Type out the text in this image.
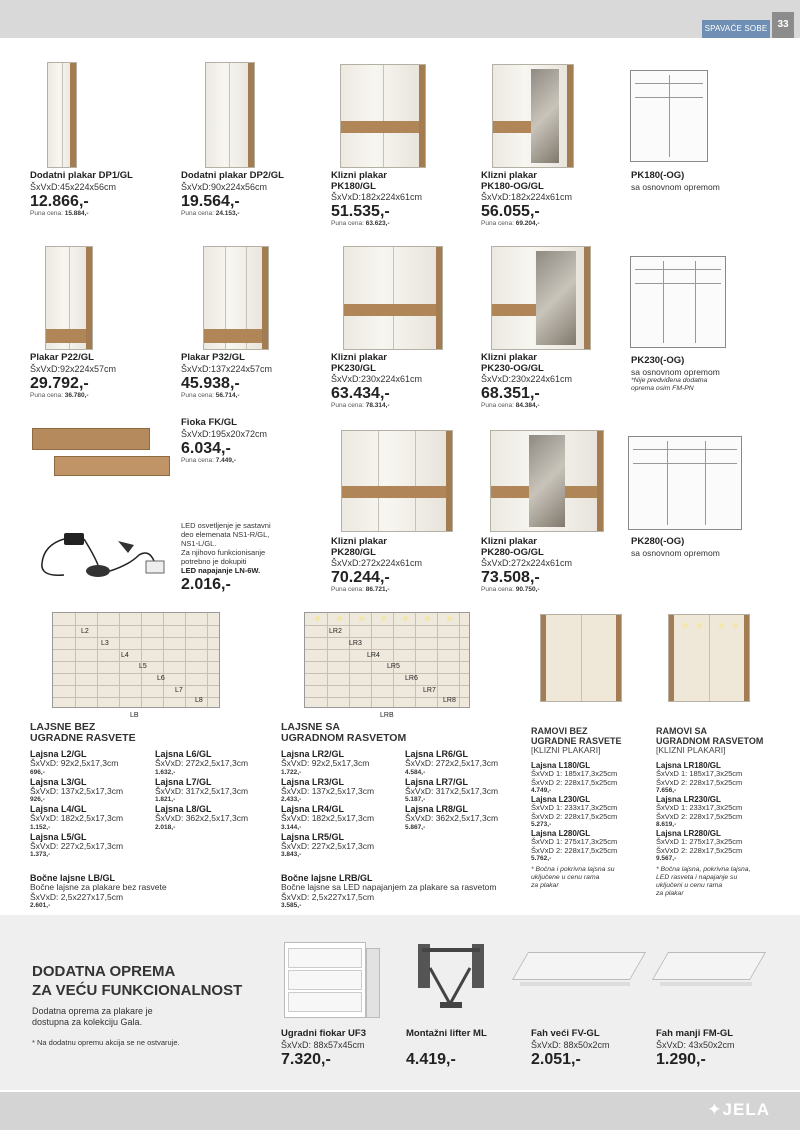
SPAVAĆE SOBE	33
Dodatni plakar DP1/GL
ŠxVxD:45x224x56cm
12.866,-
Puna cena: 15.884,-
Dodatni plakar DP2/GL
ŠxVxD:90x224x56cm
19.564,-
Puna cena: 24.153,-
Klizni plakar
PK180/GL
ŠxVxD:182x224x61cm
51.535,-
Puna cena: 63.623,-
Klizni plakar
PK180-OG/GL
ŠxVxD:182x224x61cm
56.055,-
Puna cena: 69.204,-
PK180(-OG)
sa osnovnom opremom
Plakar P22/GL
ŠxVxD:92x224x57cm
29.792,-
Puna cena: 36.780,-
Plakar P32/GL
ŠxVxD:137x224x57cm
45.938,-
Puna cena: 56.714,-
Klizni plakar
PK230/GL
ŠxVxD:230x224x61cm
63.434,-
Puna cena: 78.314,-
Klizni plakar
PK230-OG/GL
ŠxVxD:230x224x61cm
68.351,-
Puna cena: 84.384,-
PK230(-OG)
sa osnovnom opremom
*Nije predviđena dodatna
oprema osim FM-PN
Fioka FK/GL
ŠxVxD:195x20x72cm
6.034,-
Puna cena: 7.449,-
LED osvetljenje je sastavni
deo elemenata NS1-R/GL,
NS1-L/GL.
Za njihovo funkcionisanje
potrebno je dokupiti
LED napajanje LN-6W.
2.016,-
Klizni plakar
PK280/GL
ŠxVxD:272x224x61cm
70.244,-
Puna cena: 86.721,-
Klizni plakar
PK280-OG/GL
ŠxVxD:272x224x61cm
73.508,-
Puna cena: 90.750,-
PK280(-OG)
sa osnovnom opremom
L2
L3
L4
L5
L6
L7
L8
LB
LR2
LR3
LR4
LR5
LR6
LR7
LR8
LRB
LAJSNE BEZ
UGRADNE RASVETE
Lajsna L2/GL
ŠxVxD: 92x2,5x17,3cm
696,-
Lajsna L3/GL
ŠxVxD: 137x2,5x17,3cm
926,-
Lajsna L4/GL
ŠxVxD: 182x2,5x17,3cm
1.152,-
Lajsna L5/GL
ŠxVxD: 227x2,5x17,3cm
1.373,-
Lajsna L6/GL
ŠxVxD: 272x2,5x17,3cm
1.632,-
Lajsna L7/GL
ŠxVxD: 317x2,5x17,3cm
1.821,-
Lajsna L8/GL
ŠxVxD: 362x2,5x17,3cm
2.018,-
Bočne lajsne LB/GL
Bočne lajsne za plakare bez rasvete
ŠxVxD: 2,5x227x17,5cm
2.601,-
LAJSNE SA
UGRADNOM RASVETOM
Lajsna LR2/GL
ŠxVxD: 92x2,5x17,3cm
1.722,-
Lajsna LR3/GL
ŠxVxD: 137x2,5x17,3cm
2.433,-
Lajsna LR4/GL
ŠxVxD: 182x2,5x17,3cm
3.144,-
Lajsna LR5/GL
ŠxVxD: 227x2,5x17,3cm
3.843,-
Lajsna LR6/GL
ŠxVxD: 272x2,5x17,3cm
4.584,-
Lajsna LR7/GL
ŠxVxD: 317x2,5x17,3cm
5.187,-
Lajsna LR8/GL
ŠxVxD: 362x2,5x17,3cm
5.867,-
Bočne lajsne LRB/GL
Bočne lajsne sa LED napajanjem za plakare sa rasvetom
ŠxVxD: 2,5x227x17,5cm
3.585,-
RAMOVI BEZ
UGRADNE RASVETE
[KLIZNI PLAKARI]
Lajsna L180/GL
ŠxVxD 1: 185x17,3x25cm
ŠxVxD 2: 228x17,5x25cm
4.749,-
Lajsna L230/GL
ŠxVxD 1: 233x17,3x25cm
ŠxVxD 2: 228x17,5x25cm
5.273,-
Lajsna L280/GL
ŠxVxD 1: 275x17,3x25cm
ŠxVxD 2: 228x17,5x25cm
5.762,-
* Bočna i pokrivna lajsna su
uključene u cenu rama
za plakar
RAMOVI SA
UGRADNOM RASVETOM
[KLIZNI PLAKARI]
Lajsna LR180/GL
ŠxVxD 1: 185x17,3x25cm
ŠxVxD 2: 228x17,5x25cm
7.656,-
Lajsna LR230/GL
ŠxVxD 1: 233x17,3x25cm
ŠxVxD 2: 228x17,5x25cm
8.619,-
Lajsna LR280/GL
ŠxVxD 1: 275x17,3x25cm
ŠxVxD 2: 228x17,5x25cm
9.567,-
* Bočna lajsna, pokrivna lajsna,
LED rasveta i napajanje su
uključeni u cenu rama
za plakar
DODATNA OPREMA
ZA VEĆU FUNKCIONALNOST
Dodatna oprema za plakare je
dostupna za kolekciju Gala.
* Na dodatnu opremu akcija se ne ostvaruje.
Ugradni fiokar UF3
ŠxVxD: 88x57x45cm
7.320,-
Montažni lifter ML
4.419,-
Fah veći FV-GL
ŠxVxD: 88x50x2cm
2.051,-
Fah manji FM-GL
ŠxVxD: 43x50x2cm
1.290,-
✦JELA
